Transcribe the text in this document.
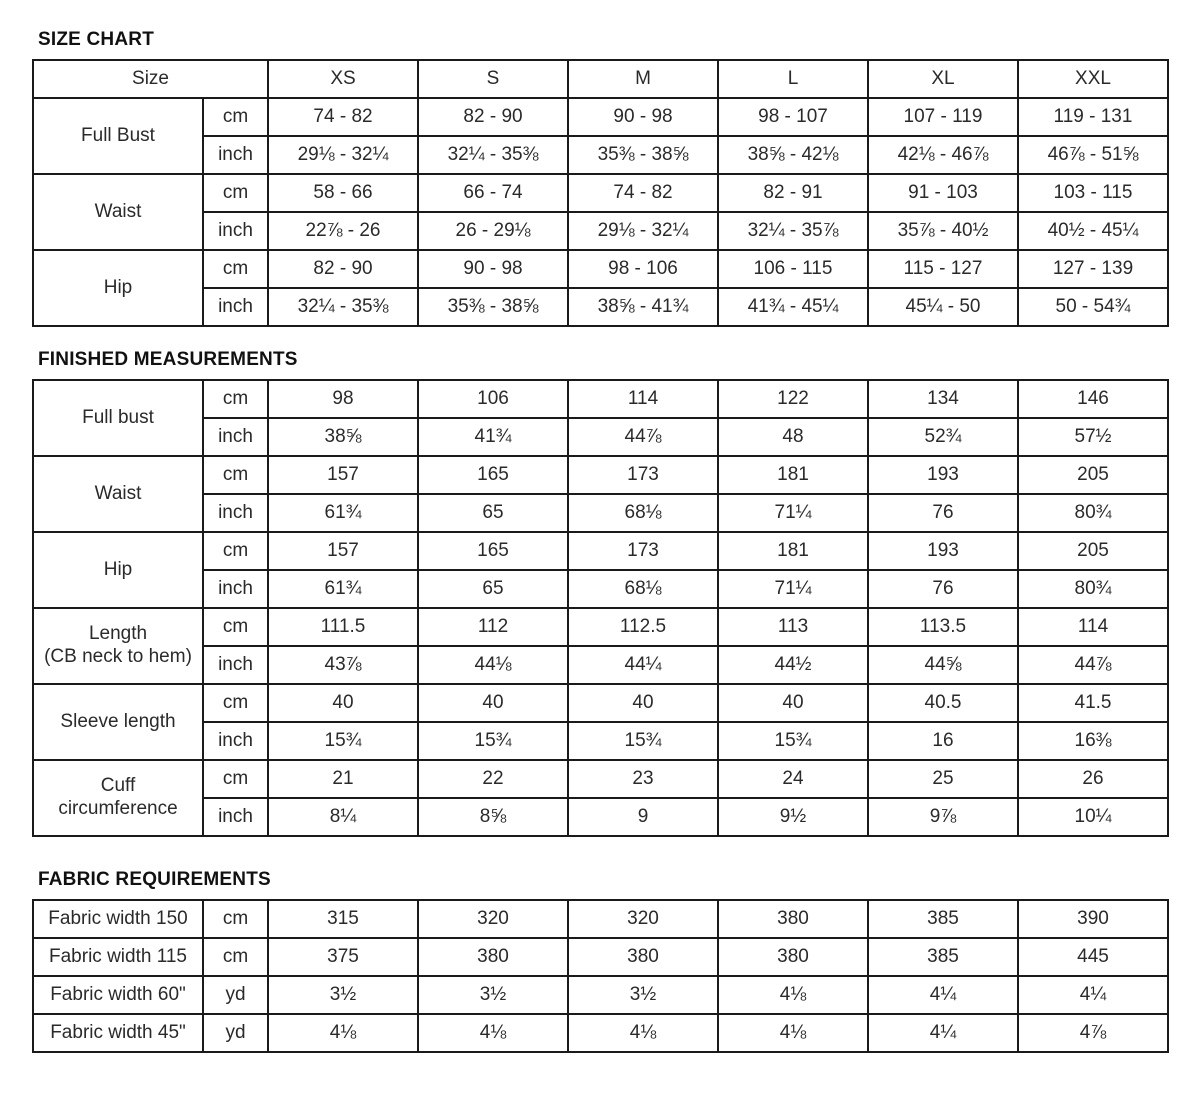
SIZE CHART
Size		XS	S	M	L	XL	XXL
Full Bust	cm	74 - 82	82 - 90	90 - 98	98 - 107	107 - 119	119 - 131
	inch	29⅛ - 32¼	32¼ - 35⅜	35⅜ - 38⅝	38⅝ - 42⅛	42⅛ - 46⅞	46⅞ - 51⅝
Waist	cm	58 - 66	66 - 74	74 - 82	82 - 91	91 - 103	103 - 115
	inch	22⅞ - 26	26 - 29⅛	29⅛ - 32¼	32¼ - 35⅞	35⅞ - 40½	40½ - 45¼
Hip	cm	82 - 90	90 - 98	98 - 106	106 - 115	115 - 127	127 - 139
	inch	32¼ - 35⅜	35⅜ - 38⅝	38⅝ - 41¾	41¾ - 45¼	45¼ - 50	50 - 54¾
FINISHED MEASUREMENTS
Full bust	cm	98	106	114	122	134	146
	inch	38⅝	41¾	44⅞	48	52¾	57½
Waist	cm	157	165	173	181	193	205
	inch	61¾	65	68⅛	71¼	76	80¾
Hip	cm	157	165	173	181	193	205
	inch	61¾	65	68⅛	71¼	76	80¾
Length
(CB neck to hem)	cm	111.5	112	112.5	113	113.5	114
	inch	43⅞	44⅛	44¼	44½	44⅝	44⅞
Sleeve length	cm	40	40	40	40	40.5	41.5
	inch	15¾	15¾	15¾	15¾	16	16⅜
Cuff
circumference	cm	21	22	23	24	25	26
	inch	8¼	8⅝	9	9½	9⅞	10¼
FABRIC REQUIREMENTS
Fabric width 150	cm	315	320	320	380	385	390
Fabric width 115	cm	375	380	380	380	385	445
Fabric width 60"	yd	3½	3½	3½	4⅛	4¼	4¼
Fabric width 45"	yd	4⅛	4⅛	4⅛	4⅛	4¼	4⅞
